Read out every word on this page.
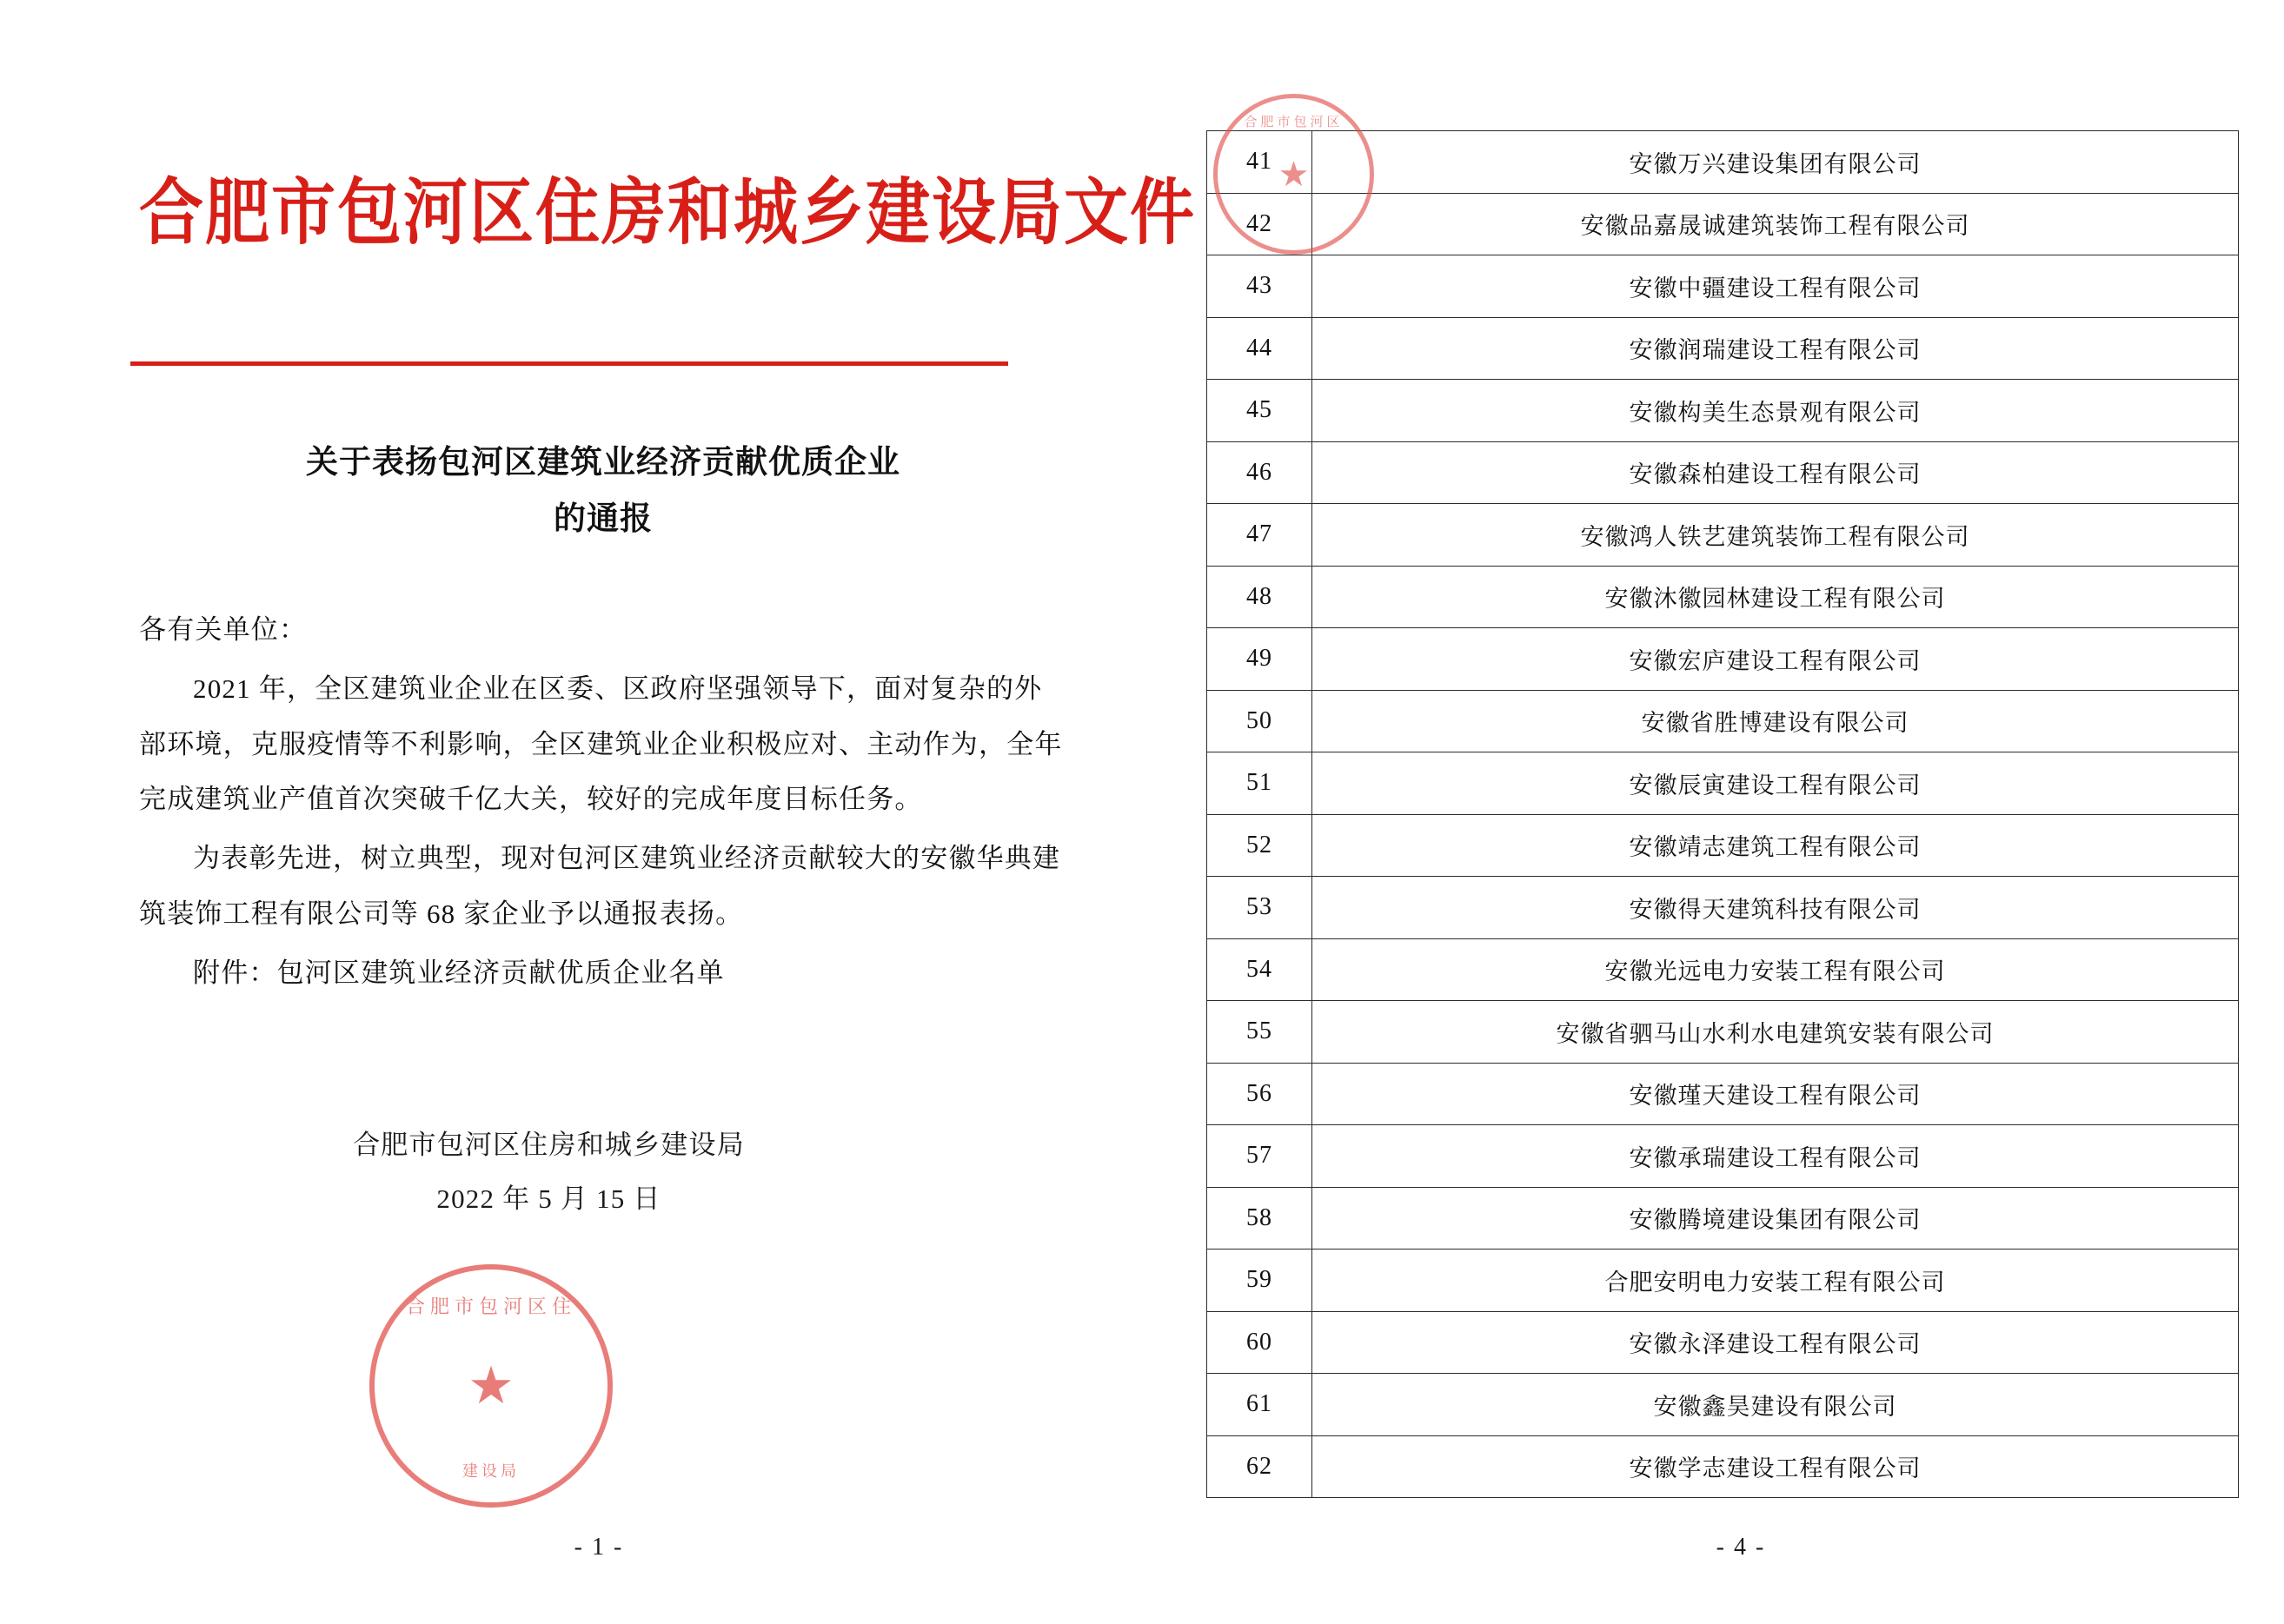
合肥市包河区住房和城乡建设局文件
关于表扬包河区建筑业经济贡献优质企业
的通报

各有关单位：

2021 年，全区建筑业企业在区委、区政府坚强领导下，面对复杂的外部环境，克服疫情等不利影响，全区建筑业企业积极应对、主动作为，全年完成建筑业产值首次突破千亿大关，较好的完成年度目标任务。

为表彰先进，树立典型，现对包河区建筑业经济贡献较大的安徽华典建筑装饰工程有限公司等 68 家企业予以通报表扬。

附件：包河区建筑业经济贡献优质企业名单

合肥市包河区住房和城乡建设局
2022 年 5 月 15 日
合肥市包河区住
★
建设局
- 1 -
41	安徽万兴建设集团有限公司
42	安徽品嘉晟诚建筑装饰工程有限公司
43	安徽中疆建设工程有限公司
44	安徽润瑞建设工程有限公司
45	安徽构美生态景观有限公司
46	安徽森柏建设工程有限公司
47	安徽鸿人铁艺建筑装饰工程有限公司
48	安徽沐徽园林建设工程有限公司
49	安徽宏庐建设工程有限公司
50	安徽省胜博建设有限公司
51	安徽辰寅建设工程有限公司
52	安徽靖志建筑工程有限公司
53	安徽得天建筑科技有限公司
54	安徽光远电力安装工程有限公司
55	安徽省驷马山水利水电建筑安装有限公司
56	安徽瑾天建设工程有限公司
57	安徽承瑞建设工程有限公司
58	安徽腾境建设集团有限公司
59	合肥安明电力安装工程有限公司
60	安徽永泽建设工程有限公司
61	安徽鑫昊建设有限公司
62	安徽学志建设工程有限公司
合肥市包河区
★
- 4 -
